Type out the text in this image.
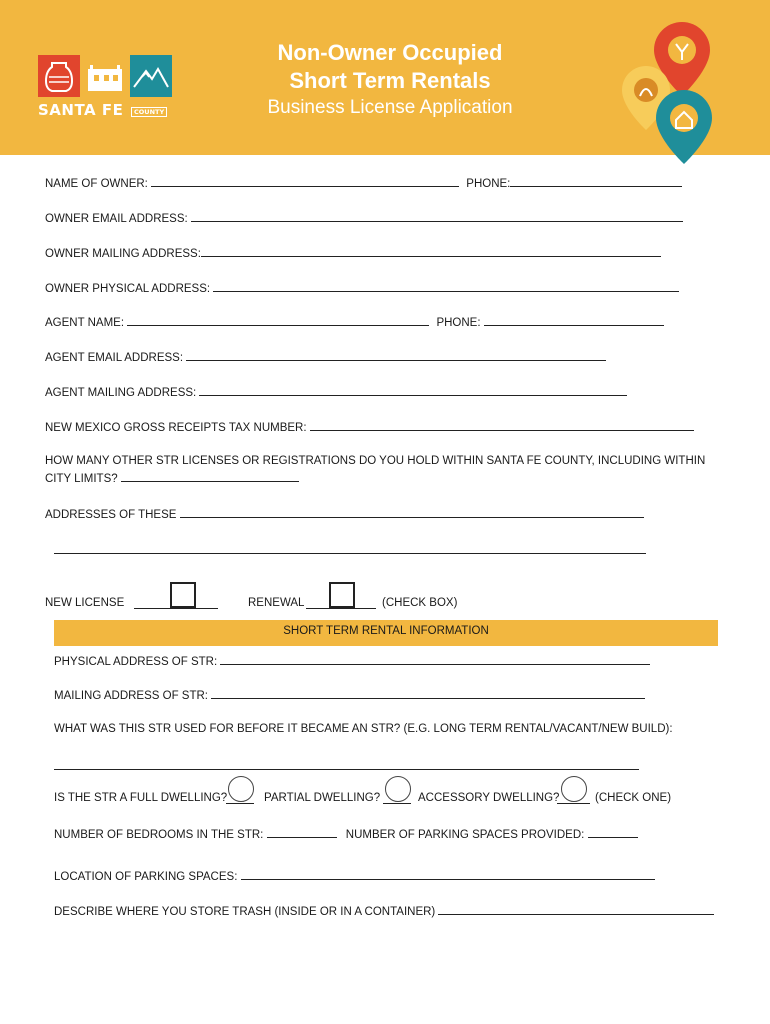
SANTA FE	COUNTY
Non-Owner Occupied
Short Term Rentals
Business License Application
NAME OF OWNER:	PHONE:
OWNER EMAIL ADDRESS:
OWNER MAILING ADDRESS:
OWNER PHYSICAL ADDRESS:
AGENT NAME:	PHONE:
AGENT EMAIL ADDRESS:
AGENT MAILING ADDRESS:
NEW MEXICO GROSS RECEIPTS TAX NUMBER:
HOW MANY OTHER STR LICENSES OR REGISTRATIONS DO YOU HOLD WITHIN SANTA FE COUNTY, INCLUDING WITHIN
CITY LIMITS?
ADDRESSES OF THESE
NEW LICENSE	RENEWAL	(CHECK BOX)
SHORT TERM RENTAL INFORMATION
PHYSICAL ADDRESS OF STR:
MAILING ADDRESS OF STR:
WHAT WAS THIS STR USED FOR BEFORE IT BECAME AN STR? (E.G. LONG TERM RENTAL/VACANT/NEW BUILD):
IS THE STR A FULL DWELLING?	PARTIAL DWELLING?	ACCESSORY DWELLING?	(CHECK ONE)
NUMBER OF BEDROOMS IN THE STR:	NUMBER OF PARKING SPACES PROVIDED:
LOCATION OF PARKING SPACES:
DESCRIBE WHERE YOU STORE TRASH (INSIDE OR IN A CONTAINER)
